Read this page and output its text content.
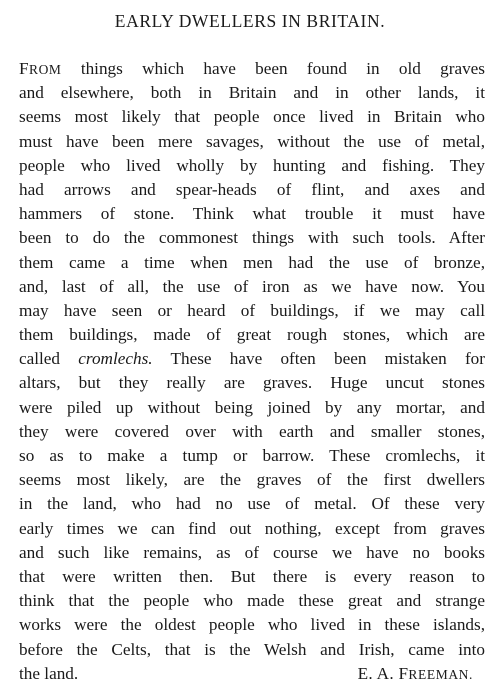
EARLY DWELLERS IN BRITAIN.
FROM things which have been found in old graves
and elsewhere, both in Britain and in other lands, it
seems most likely that people once lived in Britain who
must have been mere savages, without the use of metal,
people who lived wholly by hunting and fishing. They
had arrows and spear-heads of flint, and axes and
hammers of stone. Think what trouble it must have
been to do the commonest things with such tools. After
them came a time when men had the use of bronze,
and, last of all, the use of iron as we have now. You
may have seen or heard of buildings, if we may call
them buildings, made of great rough stones, which are
called cromlechs. These have often been mistaken for
altars, but they really are graves. Huge uncut stones
were piled up without being joined by any mortar, and
they were covered over with earth and smaller stones,
so as to make a tump or barrow. These cromlechs, it
seems most likely, are the graves of the first dwellers
in the land, who had no use of metal. Of these very
early times we can find out nothing, except from graves
and such like remains, as of course we have no books
that were written then. But there is every reason to
think that the people who made these great and strange
works were the oldest people who lived in these islands,
before the Celts, that is the Welsh and Irish, came into
the land.	E. A. FREEMAN.
